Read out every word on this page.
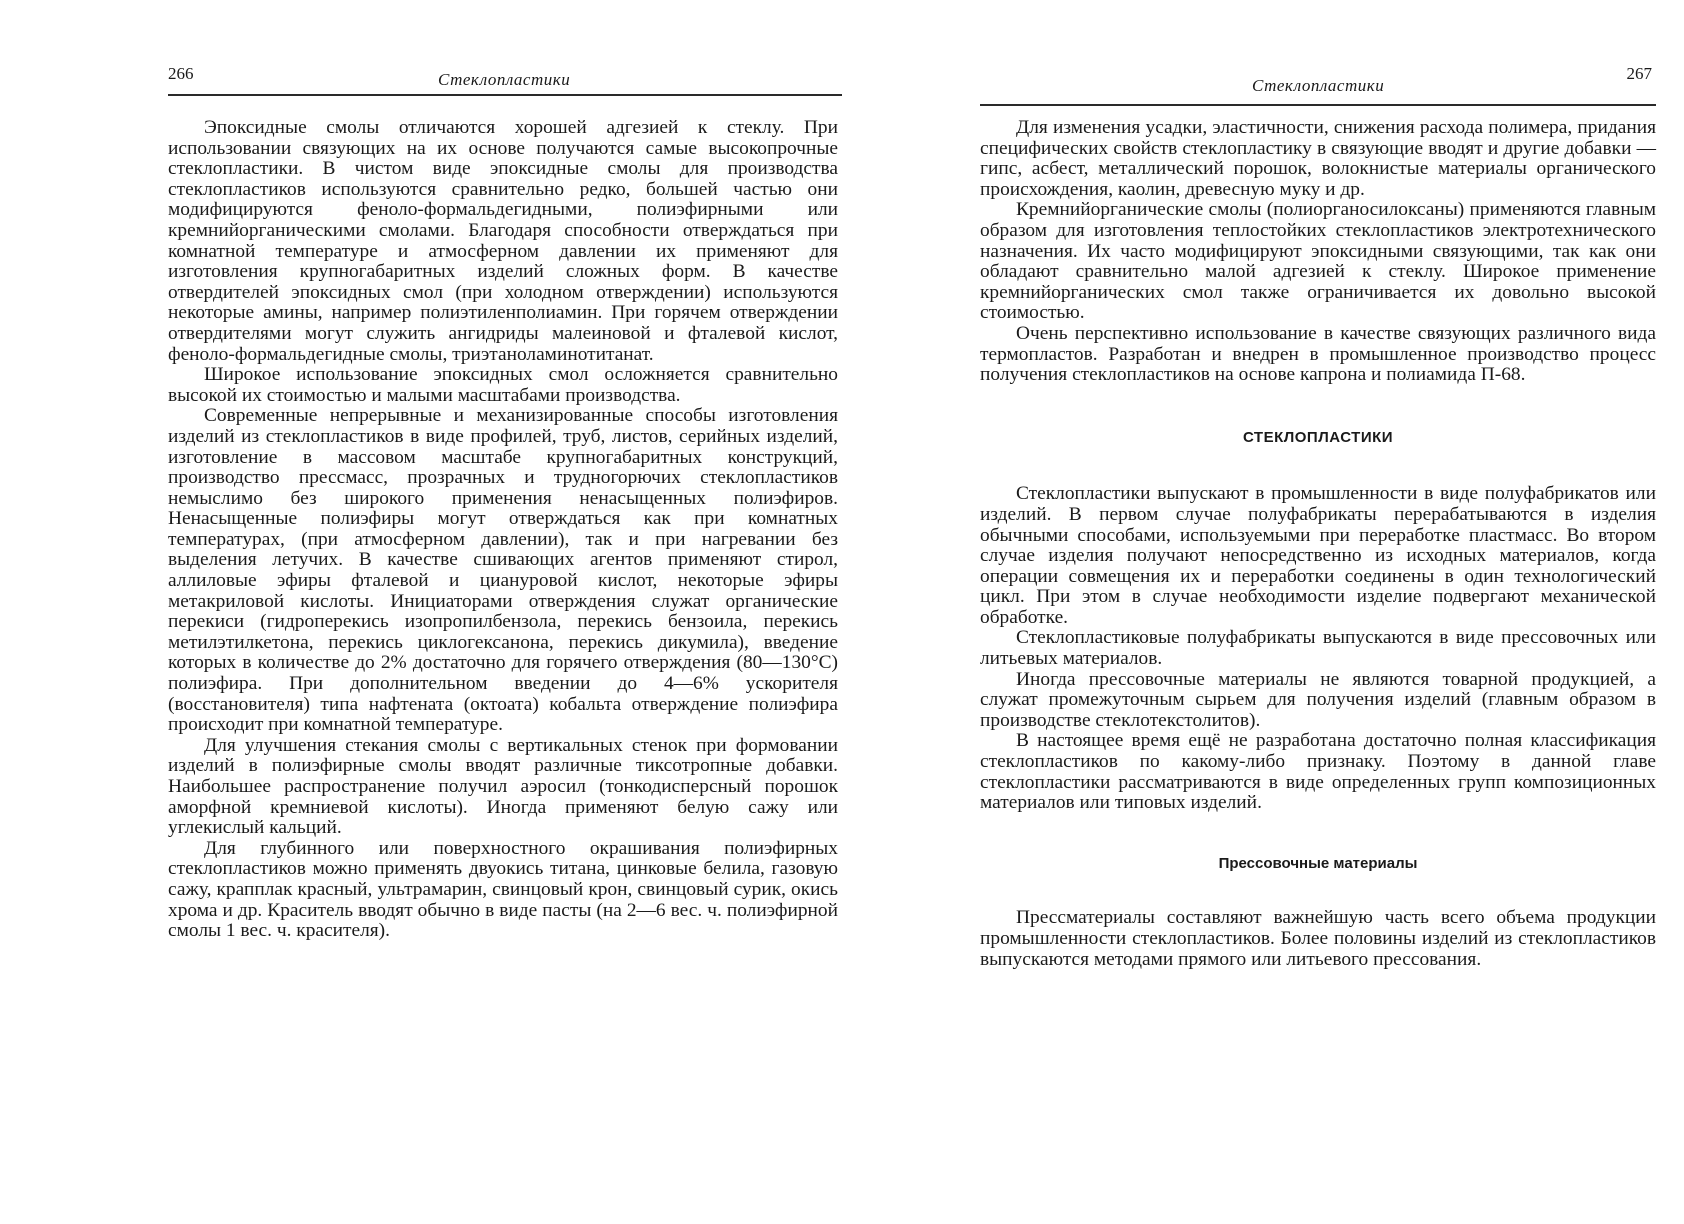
266	Стеклопластики

Эпоксидные смолы отличаются хорошей адгезией к стеклу. При использовании связующих на их основе получаются самые высокопрочные стеклопластики. В чистом виде эпоксидные смолы для производства стеклопластиков используются сравнительно редко, большей частью они модифицируются феноло-формальдегидными, полиэфирными или кремнийорганическими смолами. Благодаря способности отверждаться при комнатной температуре и атмосферном давлении их применяют для изготовления крупногабаритных изделий сложных форм. В качестве отвердителей эпоксидных смол (при холодном отверждении) используются некоторые амины, например полиэтиленполиамин. При горячем отверждении отвердителями могут служить ангидриды малеиновой и фталевой кислот, феноло-формальдегидные смолы, триэтаноламинотитанат.

Широкое использование эпоксидных смол осложняется сравнительно высокой их стоимостью и малыми масштабами производства.

Современные непрерывные и механизированные способы изготовления изделий из стеклопластиков в виде профилей, труб, листов, серийных изделий, изготовление в массовом масштабе крупногабаритных конструкций, производство прессмасс, прозрачных и трудногорючих стеклопластиков немыслимо без широкого применения ненасыщенных полиэфиров. Ненасыщенные полиэфиры могут отверждаться как при комнатных температурах, (при атмосферном давлении), так и при нагревании без выделения летучих. В качестве сшивающих агентов применяют стирол, аллиловые эфиры фталевой и циануровой кислот, некоторые эфиры метакриловой кислоты. Инициаторами отверждения служат органические перекиси (гидроперекись изопропилбензола, перекись бензоила, перекись метилэтилкетона, перекись циклогексанона, перекись дикумила), введение которых в количестве до 2% достаточно для горячего отверждения (80—130°С) полиэфира. При дополнительном введении до 4—6% ускорителя (восстановителя) типа нафтената (октоата) кобальта отверждение полиэфира происходит при комнатной температуре.

Для улучшения стекания смолы с вертикальных стенок при формовании изделий в полиэфирные смолы вводят различные тиксотропные добавки. Наибольшее распространение получил аэросил (тонкодисперсный порошок аморфной кремниевой кислоты). Иногда применяют белую сажу или углекислый кальций.

Для глубинного или поверхностного окрашивания полиэфирных стеклопластиков можно применять двуокись титана, цинковые белила, газовую сажу, крапплак красный, ультрамарин, свинцовый крон, свинцовый сурик, окись хрома и др. Краситель вводят обычно в виде пасты (на 2—6 вес. ч. полиэфирной смолы 1 вес. ч. красителя).

Стеклопластики
267

Для изменения усадки, эластичности, снижения расхода полимера, придания специфических свойств стеклопластику в связующие вводят и другие добавки — гипс, асбест, металлический порошок, волокнистые материалы органического происхождения, каолин, древесную муку и др.

Кремнийорганические смолы (полиорганосилоксаны) применяются главным образом для изготовления теплостойких стеклопластиков электротехнического назначения. Их часто модифицируют эпоксидными связующими, так как они обладают сравнительно малой адгезией к стеклу. Широкое применение кремнийорганических смол также ограничивается их довольно высокой стоимостью.

Очень перспективно использование в качестве связующих различного вида термопластов. Разработан и внедрен в промышленное производство процесс получения стеклопластиков на основе капрона и полиамида П-68.

СТЕКЛОПЛАСТИКИ

Стеклопластики выпускают в промышленности в виде полуфабрикатов или изделий. В первом случае полуфабрикаты перерабатываются в изделия обычными способами, используемыми при переработке пластмасс. Во втором случае изделия получают непосредственно из исходных материалов, когда операции совмещения их и переработки соединены в один технологический цикл. При этом в случае необходимости изделие подвергают механической обработке.

Стеклопластиковые полуфабрикаты выпускаются в виде прессовочных или литьевых материалов.

Иногда прессовочные материалы не являются товарной продукцией, а служат промежуточным сырьем для получения изделий (главным образом в производстве стеклотекстолитов).

В настоящее время ещё не разработана достаточно полная классификация стеклопластиков по какому-либо признаку. Поэтому в данной главе стеклопластики рассматриваются в виде определенных групп композиционных материалов или типовых изделий.

Прессовочные материалы

Прессматериалы составляют важнейшую часть всего объема продукции промышленности стеклопластиков. Более половины изделий из стеклопластиков выпускаются методами прямого или литьевого прессования.
